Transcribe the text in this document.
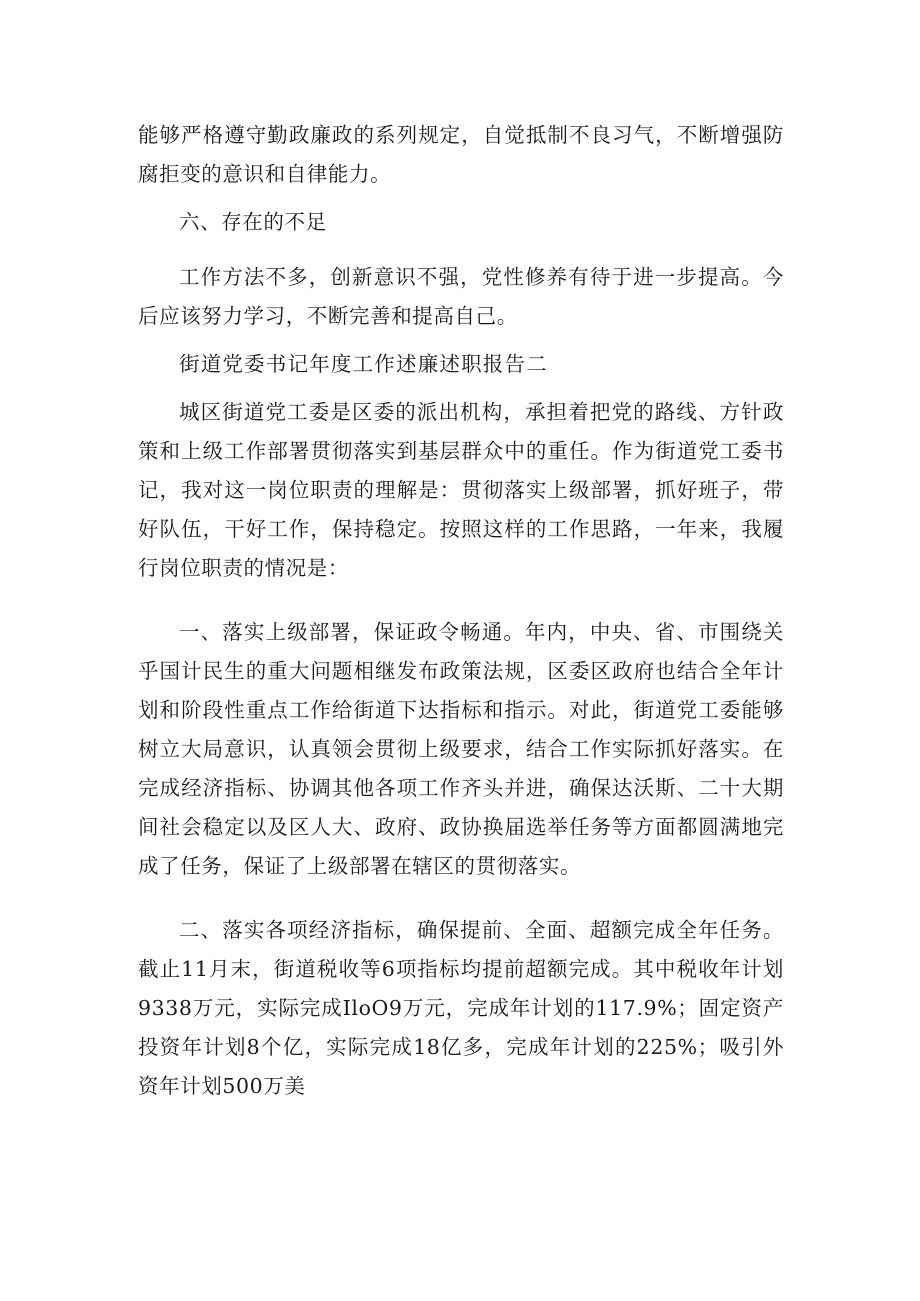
能够严格遵守勤政廉政的系列规定，自觉抵制不良习气，不断增强防腐拒变的意识和自律能力。

六、存在的不足

工作方法不多，创新意识不强，党性修养有待于进一步提高。今后应该努力学习，不断完善和提高自己。

街道党委书记年度工作述廉述职报告二

城区街道党工委是区委的派出机构，承担着把党的路线、方针政策和上级工作部署贯彻落实到基层群众中的重任。作为街道党工委书记，我对这一岗位职责的理解是：贯彻落实上级部署，抓好班子，带好队伍，干好工作，保持稳定。按照这样的工作思路，一年来，我履行岗位职责的情况是：

一、落实上级部署，保证政令畅通。年内，中央、省、市围绕关乎国计民生的重大问题相继发布政策法规，区委区政府也结合全年计划和阶段性重点工作给街道下达指标和指示。对此，街道党工委能够树立大局意识，认真领会贯彻上级要求，结合工作实际抓好落实。在完成经济指标、协调其他各项工作齐头并进，确保达沃斯、二十大期间社会稳定以及区人大、政府、政协换届选举任务等方面都圆满地完成了任务，保证了上级部署在辖区的贯彻落实。

二、落实各项经济指标，确保提前、全面、超额完成全年任务。截止11月末，街道税收等6项指标均提前超额完成。其中税收年计划9338万元，实际完成IloO9万元，完成年计划的117.9%；固定资产投资年计划8个亿，实际完成18亿多，完成年计划的225%；吸引外资年计划500万美
